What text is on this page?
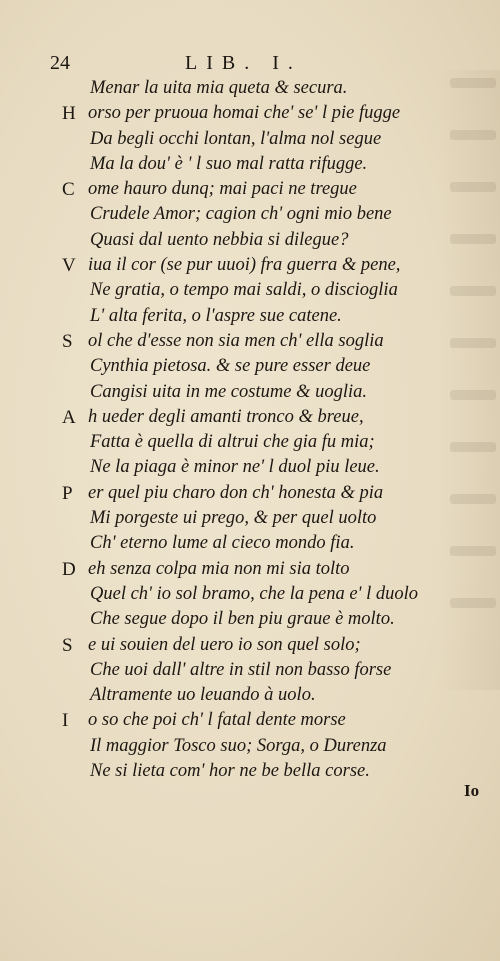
24	LIB. I.
Menar la uita mia queta & secura.
H orso per pruoua homai che' se' l pie fugge
Da begli occhi lontan, l'alma nol segue
Ma la dou' è ' l suo mal ratta rifugge.
C ome hauro dunq; mai paci ne tregue
Crudele Amor; cagion ch' ogni mio bene
Quasi dal uento nebbia si dilegue?
V iua il cor (se pur uuoi) fra guerra & pene,
Ne gratia, o tempo mai saldi, o discioglia
L' alta ferita, o l'aspre sue catene.
S ol che d'esse non sia men ch' ella soglia
Cynthia pietosa. & se pure esser deue
Cangisi uita in me costume & uoglia.
A h ueder degli amanti tronco & breue,
Fatta è quella di altrui che gia fu mia;
Ne la piaga è minor ne' l duol piu leue.
P er quel piu charo don ch' honesta & pia
Mi porgeste ui prego, & per quel uolto
Ch' eterno lume al cieco mondo fia.
D eh senza colpa mia non mi sia tolto
Quel ch' io sol bramo, che la pena e' l duolo
Che segue dopo il ben piu graue è molto.
S e ui souien del uero io son quel solo;
Che uoi dall' altre in stil non basso forse
Altramente uo leuando à uolo.
I o so che poi ch' l fatal dente morse
Il maggior Tosco suo; Sorga, o Durenza
Ne si lieta com' hor ne be bella corse.
Io
